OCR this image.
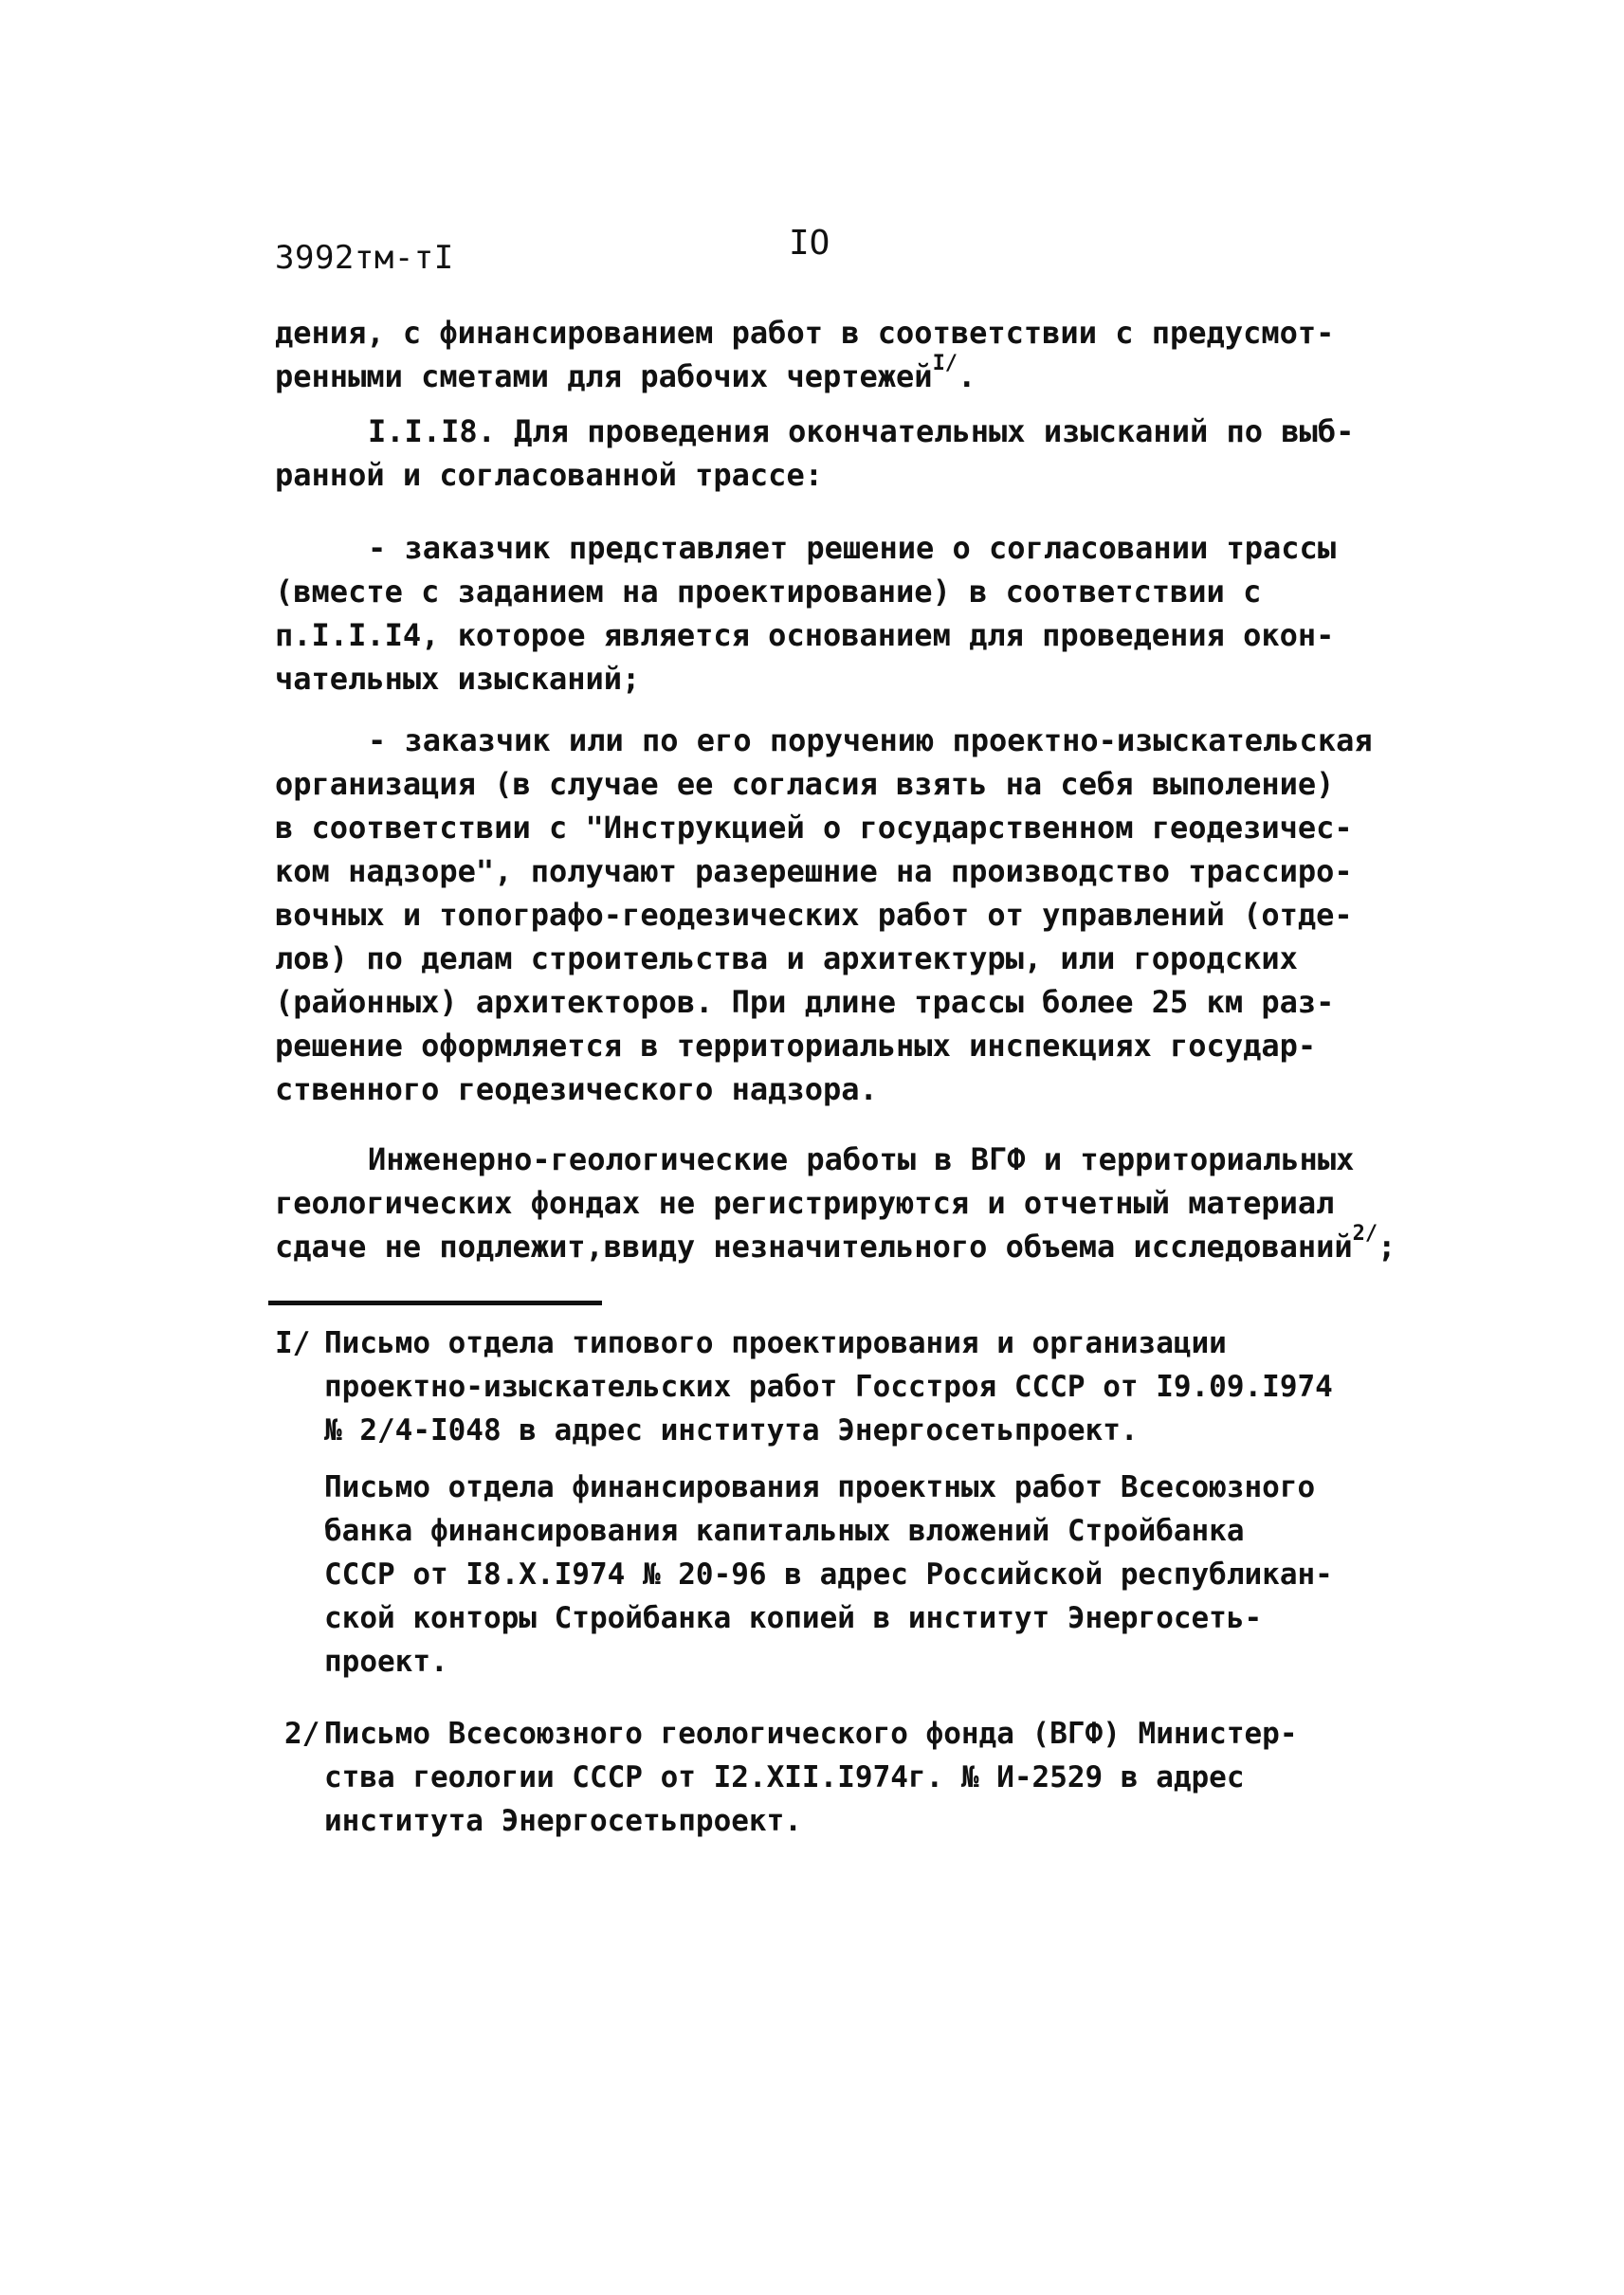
3992тм-тI	IO
дения, с финансированием работ в соответствии с предусмот-
ренными сметами для рабочих чертежей$^{I/}$.
I.I.I8. Для проведения окончательных изысканий по выб-
ранной и согласованной трассе:
- заказчик представляет решение о согласовании трассы
(вместе с заданием на проектирование) в соответствии с
п.I.I.I4, которое является основанием для проведения окон-
чательных изысканий;
- заказчик или по его поручению проектно-изыскательская
организация (в случае ее согласия взять на себя выполение)
в соответствии с "Инструкцией о государственном геодезичес-
ком надзоре", получают разерешние на производство трассиро-
вочных и топографо-геодезических работ от управлений (отде-
лов) по делам строительства и архитектуры, или городских
(районных) архитекторов. При длине трассы более 25 км раз-
решение оформляется в территориальных инспекциях государ-
ственного геодезического надзора.
Инженерно-геологические работы в ВГФ и территориальных
геологических фондах не регистрируются и отчетный материал
сдаче не подлежит,ввиду незначительного объема исследований$^{2/}$;
I/ Письмо отдела типового проектирования и организации
проектно-изыскательских работ Госстроя СССР от I9.09.I974
№ 2/4-I048 в адрес института Энергосетьпроект.
Письмо отдела финансирования проектных работ Всесоюзного
банка финансирования капитальных вложений Стройбанка
СССР от I8.X.I974 № 20-96 в адрес Российской республикан-
ской конторы Стройбанка копией в институт Энергосеть-
проект.
2/ Письмо Всесоюзного геологического фонда (ВГФ) Министер-
ства геологии СССР от I2.XII.I974г. № И-2529 в адрес
института Энергосетьпроект.
